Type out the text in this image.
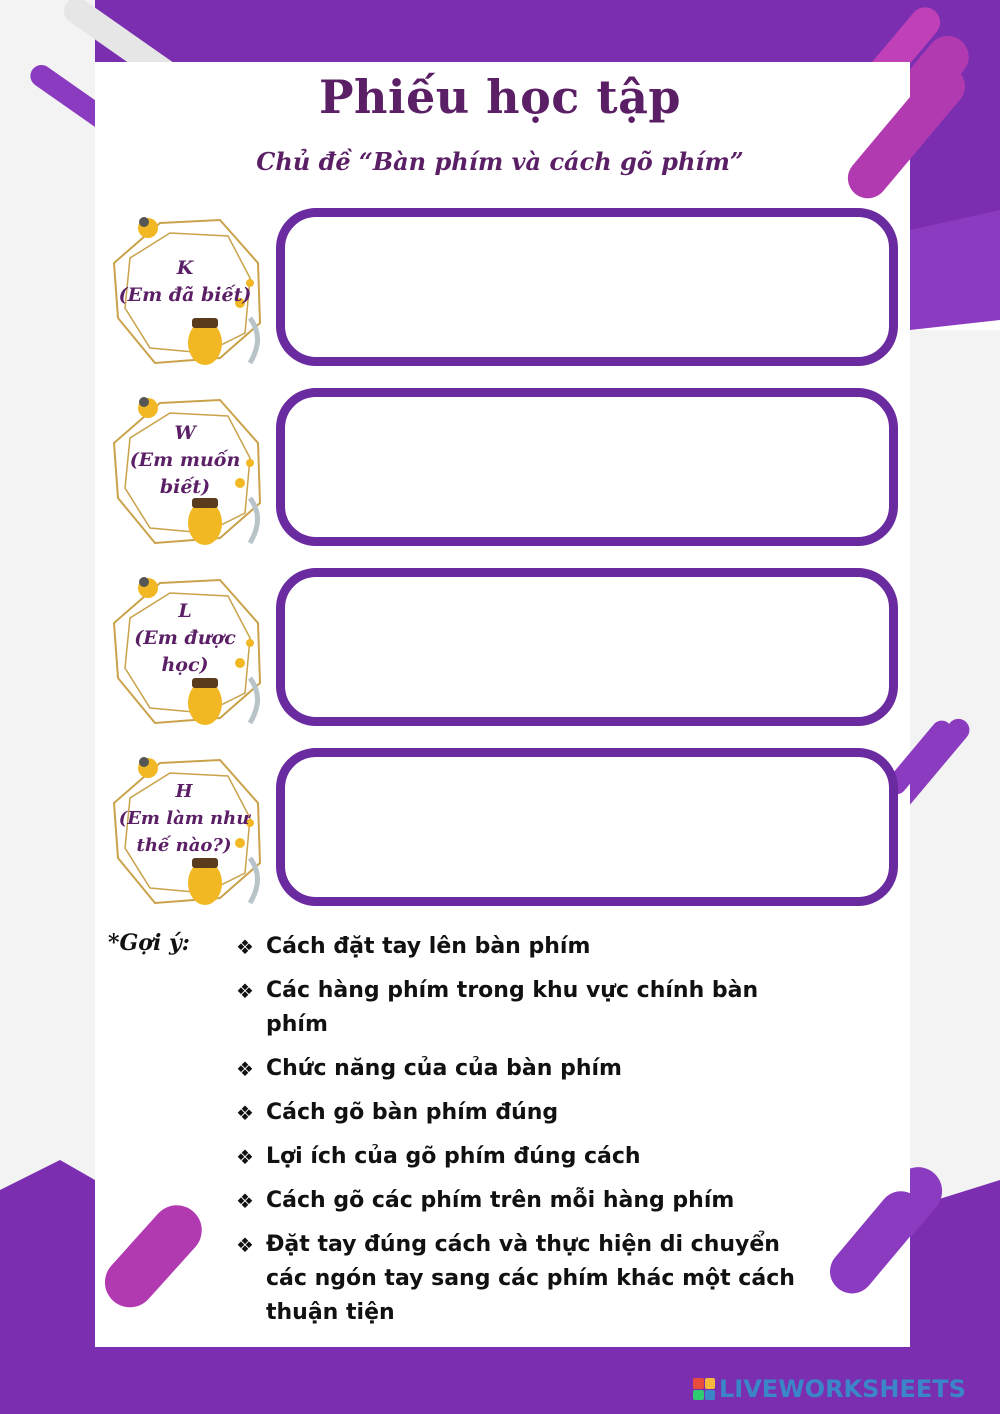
Phiếu học tập
Chủ đề “Bàn phím và cách gõ phím”
K
(Em đã biết)
W
(Em muốn
biết)
L
(Em được
học)
H
(Em làm như
thế nào?)
*Gợi ý: ❖ Cách đặt tay lên bàn phím
❖ Các hàng phím trong khu vực chính bàn phím
❖ Chức năng của của bàn phím
❖ Cách gõ bàn phím đúng
❖ Lợi ích của gõ phím đúng cách
❖ Cách gõ các phím trên mỗi hàng phím
❖ Đặt tay đúng cách và thực hiện di chuyển các ngón tay sang các phím khác một cách thuận tiện
LIVEWORKSHEETS
